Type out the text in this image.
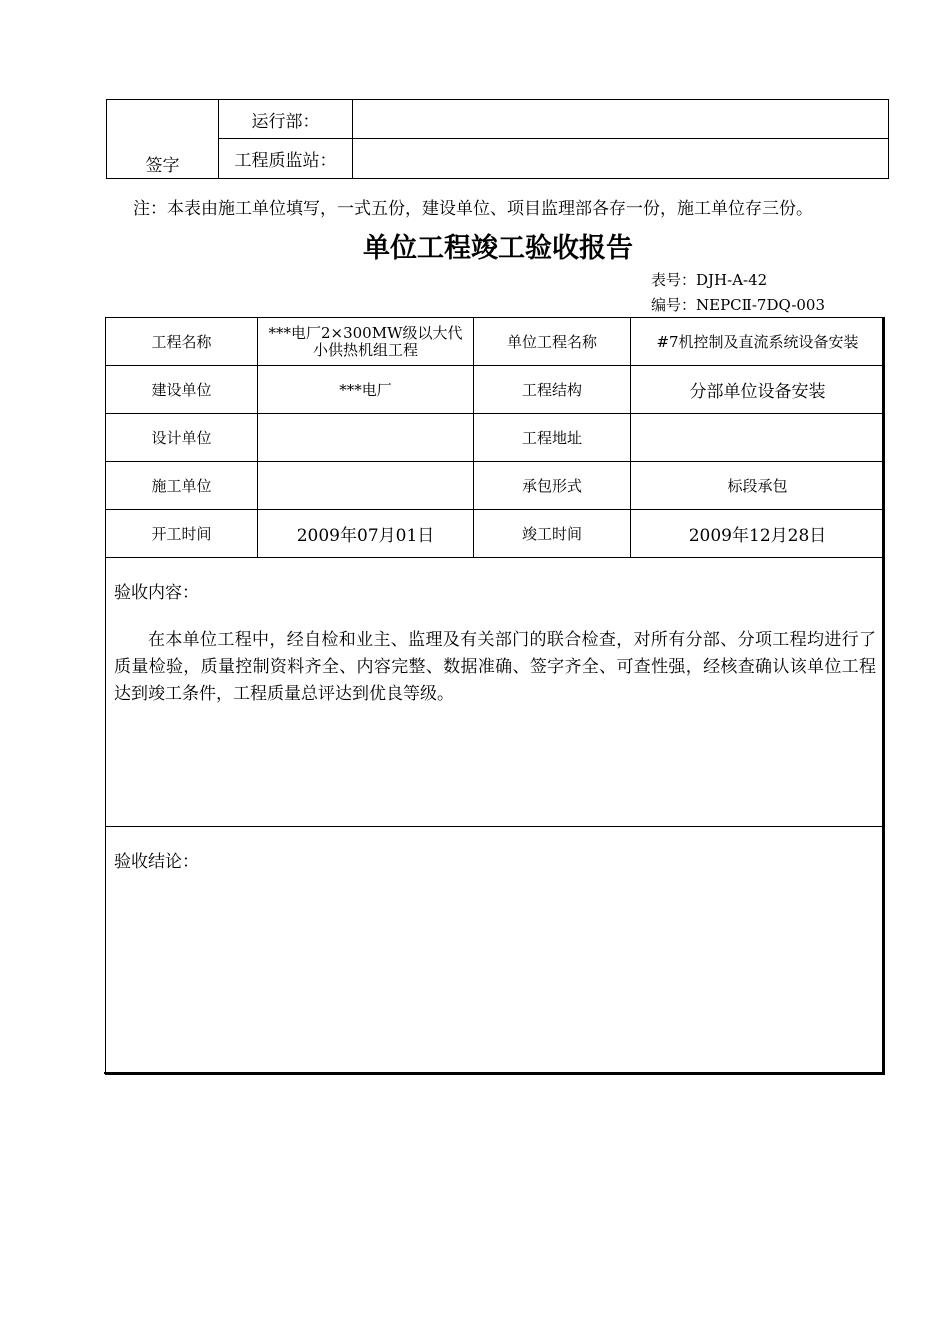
签字	运行部：	
	工程质监站：	
注：本表由施工单位填写，一式五份，建设单位、项目监理部各存一份，施工单位存三份。
单位工程竣工验收报告
表号：DJH-A-42
编号：NEPCⅡ-7DQ-003
工程名称	***电厂2×300MW级以大代小供热机组工程	单位工程名称	#7机控制及直流系统设备安装
建设单位	***电厂	工程结构	分部单位设备安装
设计单位		工程地址	
施工单位		承包形式	标段承包
开工时间	2009年07月01日	竣工时间	2009年12月28日

验收内容：
在本单位工程中，经自检和业主、监理及有关部门的联合检查，对所有分部、分项工程均进行了质量检验，质量控制资料齐全、内容完整、数据准确、签字齐全、可查性强，经核查确认该单位工程达到竣工条件，工程质量总评达到优良等级。			

验收结论：			
